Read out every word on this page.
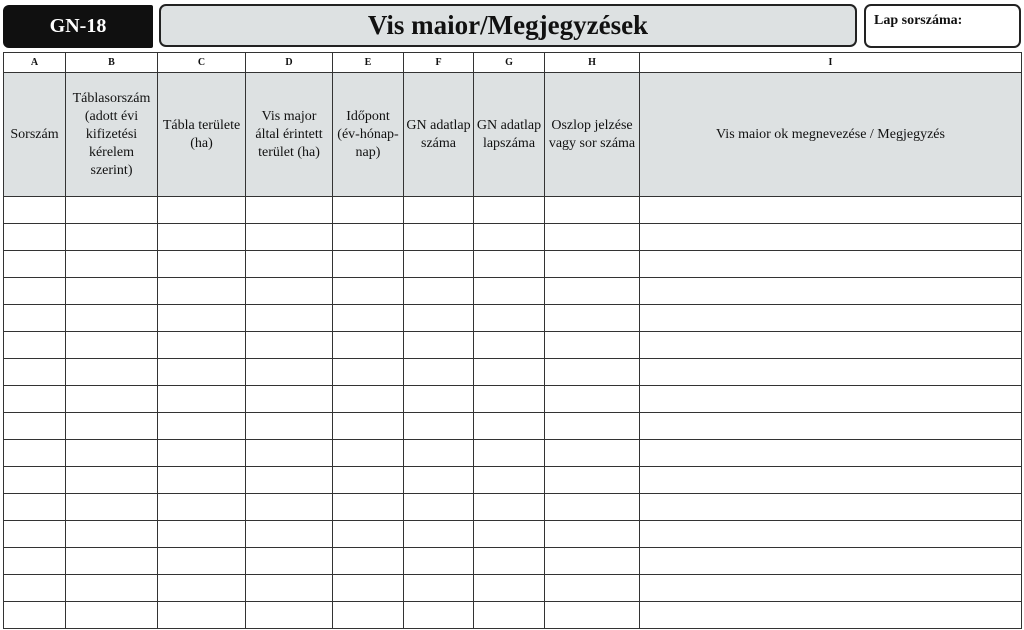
GN-18	Vis maior/Megjegyzések	Lap sorszáma:
A	B	C	D	E	F	G	H	I
Sorszám	Táblasorszám (adott évi kifizetési kérelem szerint)	Tábla területe (ha)	Vis major által érintett terület (ha)	Időpont (év-hónap-nap)	GN adatlap száma	GN adatlap lapszáma	Oszlop jelzése vagy sor száma	Vis maior ok megnevezése / Megjegyzés
